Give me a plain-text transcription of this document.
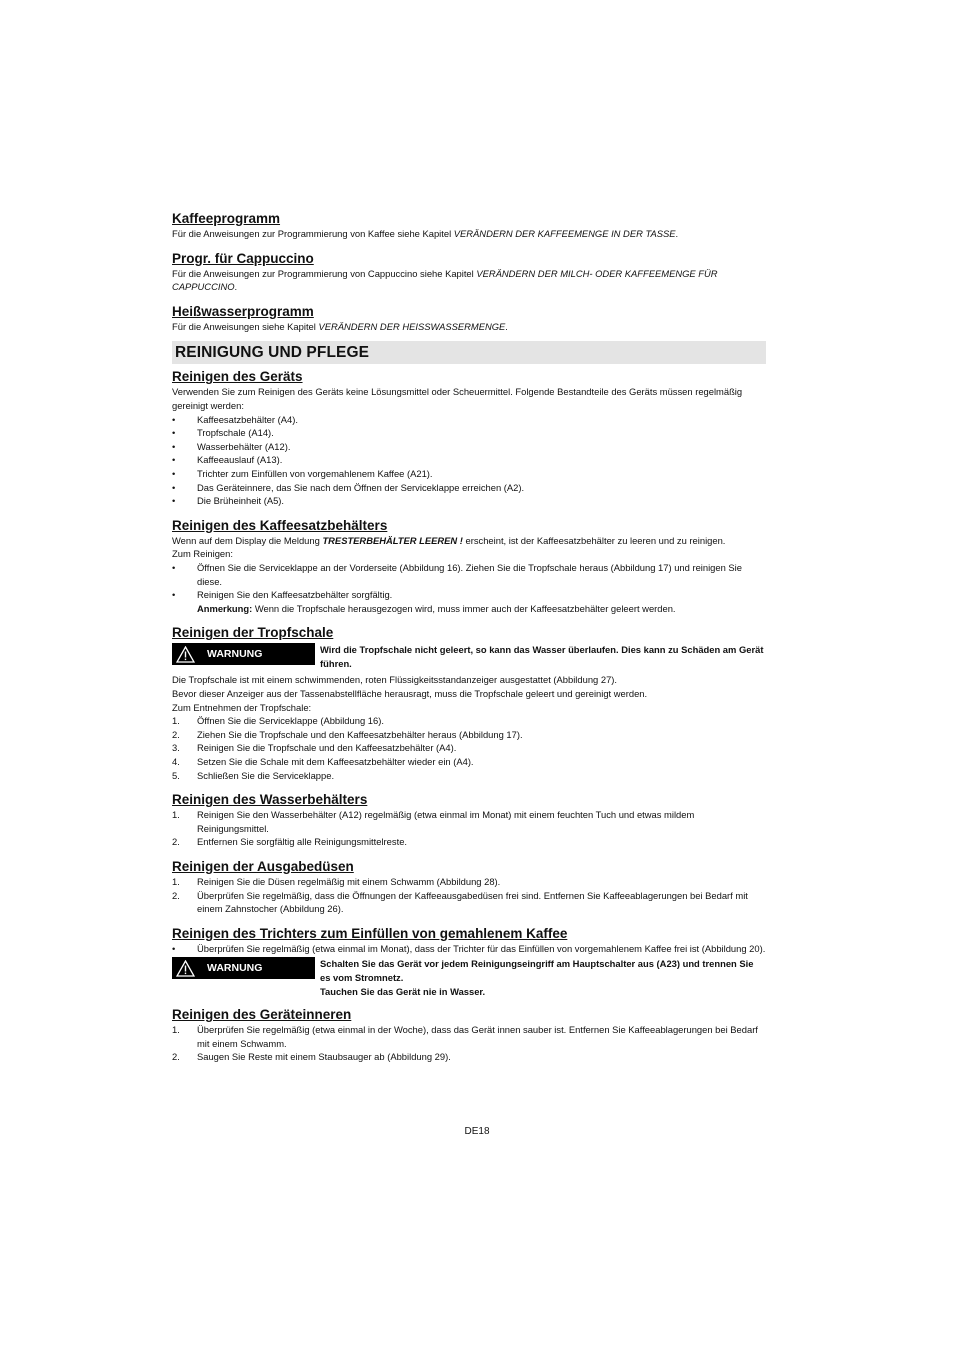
Kaffeeprogramm

Für die Anweisungen zur Programmierung von Kaffee siehe Kapitel VERÄNDERN DER KAFFEEMENGE IN DER TASSE.

Progr. für Cappuccino

Für die Anweisungen zur Programmierung von Cappuccino siehe Kapitel VERÄNDERN DER MILCH- ODER KAFFEEMENGE FÜR CAPPUCCINO.

Heißwasserprogramm

Für die Anweisungen siehe Kapitel VERÄNDERN DER HEISSWASSERMENGE.

REINIGUNG UND PFLEGE
Reinigen des Geräts

Verwenden Sie zum Reinigen des Geräts keine Lösungsmittel oder Scheuermittel. Folgende Bestandteile des Geräts müssen regelmäßig gereinigt werden:

• Kaffeesatzbehälter (A4).
• Tropfschale (A14).
• Wasserbehälter (A12).
• Kaffeeauslauf (A13).
• Trichter zum Einfüllen von vorgemahlenem Kaffee (A21).
• Das Geräteinnere, das Sie nach dem Öffnen der Serviceklappe erreichen (A2).
• Die Brüheinheit (A5).
Reinigen des Kaffeesatzbehälters

Wenn auf dem Display die Meldung TRESTERBEHÄLTER LEEREN ! erscheint, ist der Kaffeesatzbehälter zu leeren und zu reinigen.

Zum Reinigen:

• Öffnen Sie die Serviceklappe an der Vorderseite (Abbildung 16). Ziehen Sie die Tropfschale heraus (Abbildung 17) und reinigen Sie diese.
• Reinigen Sie den Kaffeesatzbehälter sorgfältig.
Anmerkung: Wenn die Tropfschale herausgezogen wird, muss immer auch der Kaffeesatzbehälter geleert werden.
Reinigen der Tropfschale
WARNUNG	Wird die Tropfschale nicht geleert, so kann das Wasser überlaufen. Dies kann zu Schäden am Gerät führen.

Die Tropfschale ist mit einem schwimmenden, roten Flüssigkeitsstandanzeiger ausgestattet (Abbildung 27).

Bevor dieser Anzeiger aus der Tassenabstellfläche herausragt, muss die Tropfschale geleert und gereinigt werden.

Zum Entnehmen der Tropfschale:

1. Öffnen Sie die Serviceklappe (Abbildung 16).
2. Ziehen Sie die Tropfschale und den Kaffeesatzbehälter heraus (Abbildung 17).
3. Reinigen Sie die Tropfschale und den Kaffeesatzbehälter (A4).
4. Setzen Sie die Schale mit dem Kaffeesatzbehälter wieder ein (A4).
5. Schließen Sie die Serviceklappe.
Reinigen des Wasserbehälters
1. Reinigen Sie den Wasserbehälter (A12) regelmäßig (etwa einmal im Monat) mit einem feuchten Tuch und etwas mildem Reinigungsmittel.
2. Entfernen Sie sorgfältig alle Reinigungsmittelreste.
Reinigen der Ausgabedüsen
1. Reinigen Sie die Düsen regelmäßig mit einem Schwamm (Abbildung 28).
2. Überprüfen Sie regelmäßig, dass die Öffnungen der Kaffeeausgabedüsen frei sind. Entfernen Sie Kaffeeablagerungen bei Bedarf mit einem Zahnstocher (Abbildung 26).
Reinigen des Trichters zum Einfüllen von gemahlenem Kaffee
• Überprüfen Sie regelmäßig (etwa einmal im Monat), dass der Trichter für das Einfüllen von vorgemahlenem Kaffee frei ist (Abbildung 20).
WARNUNG	Schalten Sie das Gerät vor jedem Reinigungseingriff am Hauptschalter aus (A23) und trennen Sie es vom Stromnetz.
Tauchen Sie das Gerät nie in Wasser.
Reinigen des Geräteinneren
1. Überprüfen Sie regelmäßig (etwa einmal in der Woche), dass das Gerät innen sauber ist. Entfernen Sie Kaffeeablagerungen bei Bedarf mit einem Schwamm.
2. Saugen Sie Reste mit einem Staubsauger ab (Abbildung 29).
DE18
